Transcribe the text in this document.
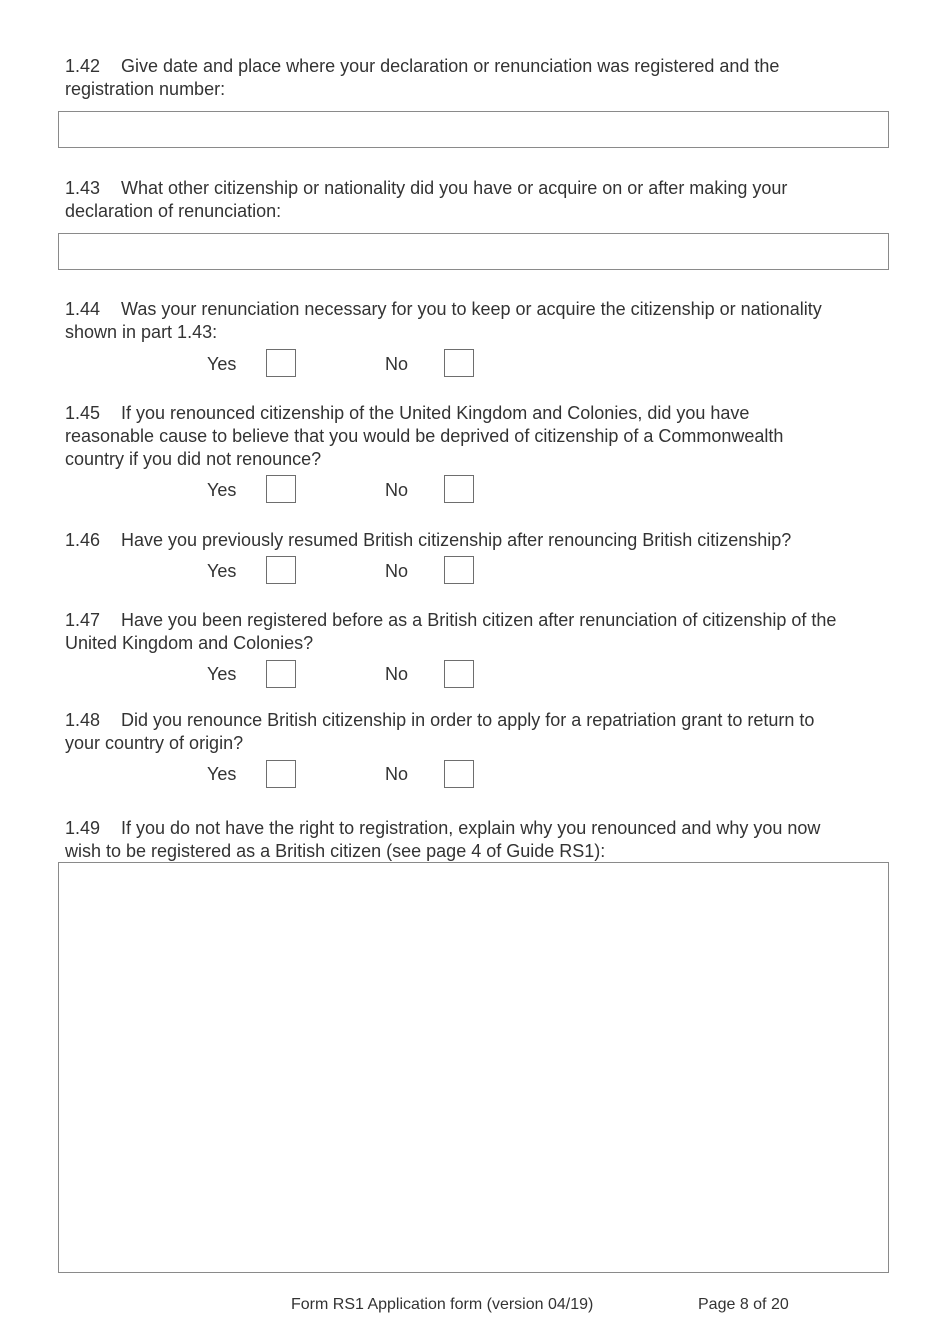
1.42 Give date and place where your declaration or renunciation was registered and the
registration number:

1.43 What other citizenship or nationality did you have or acquire on or after making your
declaration of renunciation:

1.44 Was your renunciation necessary for you to keep or acquire the citizenship or nationality
shown in part 1.43:

Yes	No

1.45 If you renounced citizenship of the United Kingdom and Colonies, did you have
reasonable cause to believe that you would be deprived of citizenship of a Commonwealth
country if you did not renounce?

Yes	No

1.46 Have you previously resumed British citizenship after renouncing British citizenship?

Yes	No

1.47 Have you been registered before as a British citizen after renunciation of citizenship of the
United Kingdom and Colonies?

Yes	No

1.48 Did you renounce British citizenship in order to apply for a repatriation grant to return to
your country of origin?

Yes	No

1.49 If you do not have the right to registration, explain why you renounced and why you now
wish to be registered as a British citizen (see page 4 of Guide RS1):

Form RS1 Application form (version 04/19)	Page 8 of 20
